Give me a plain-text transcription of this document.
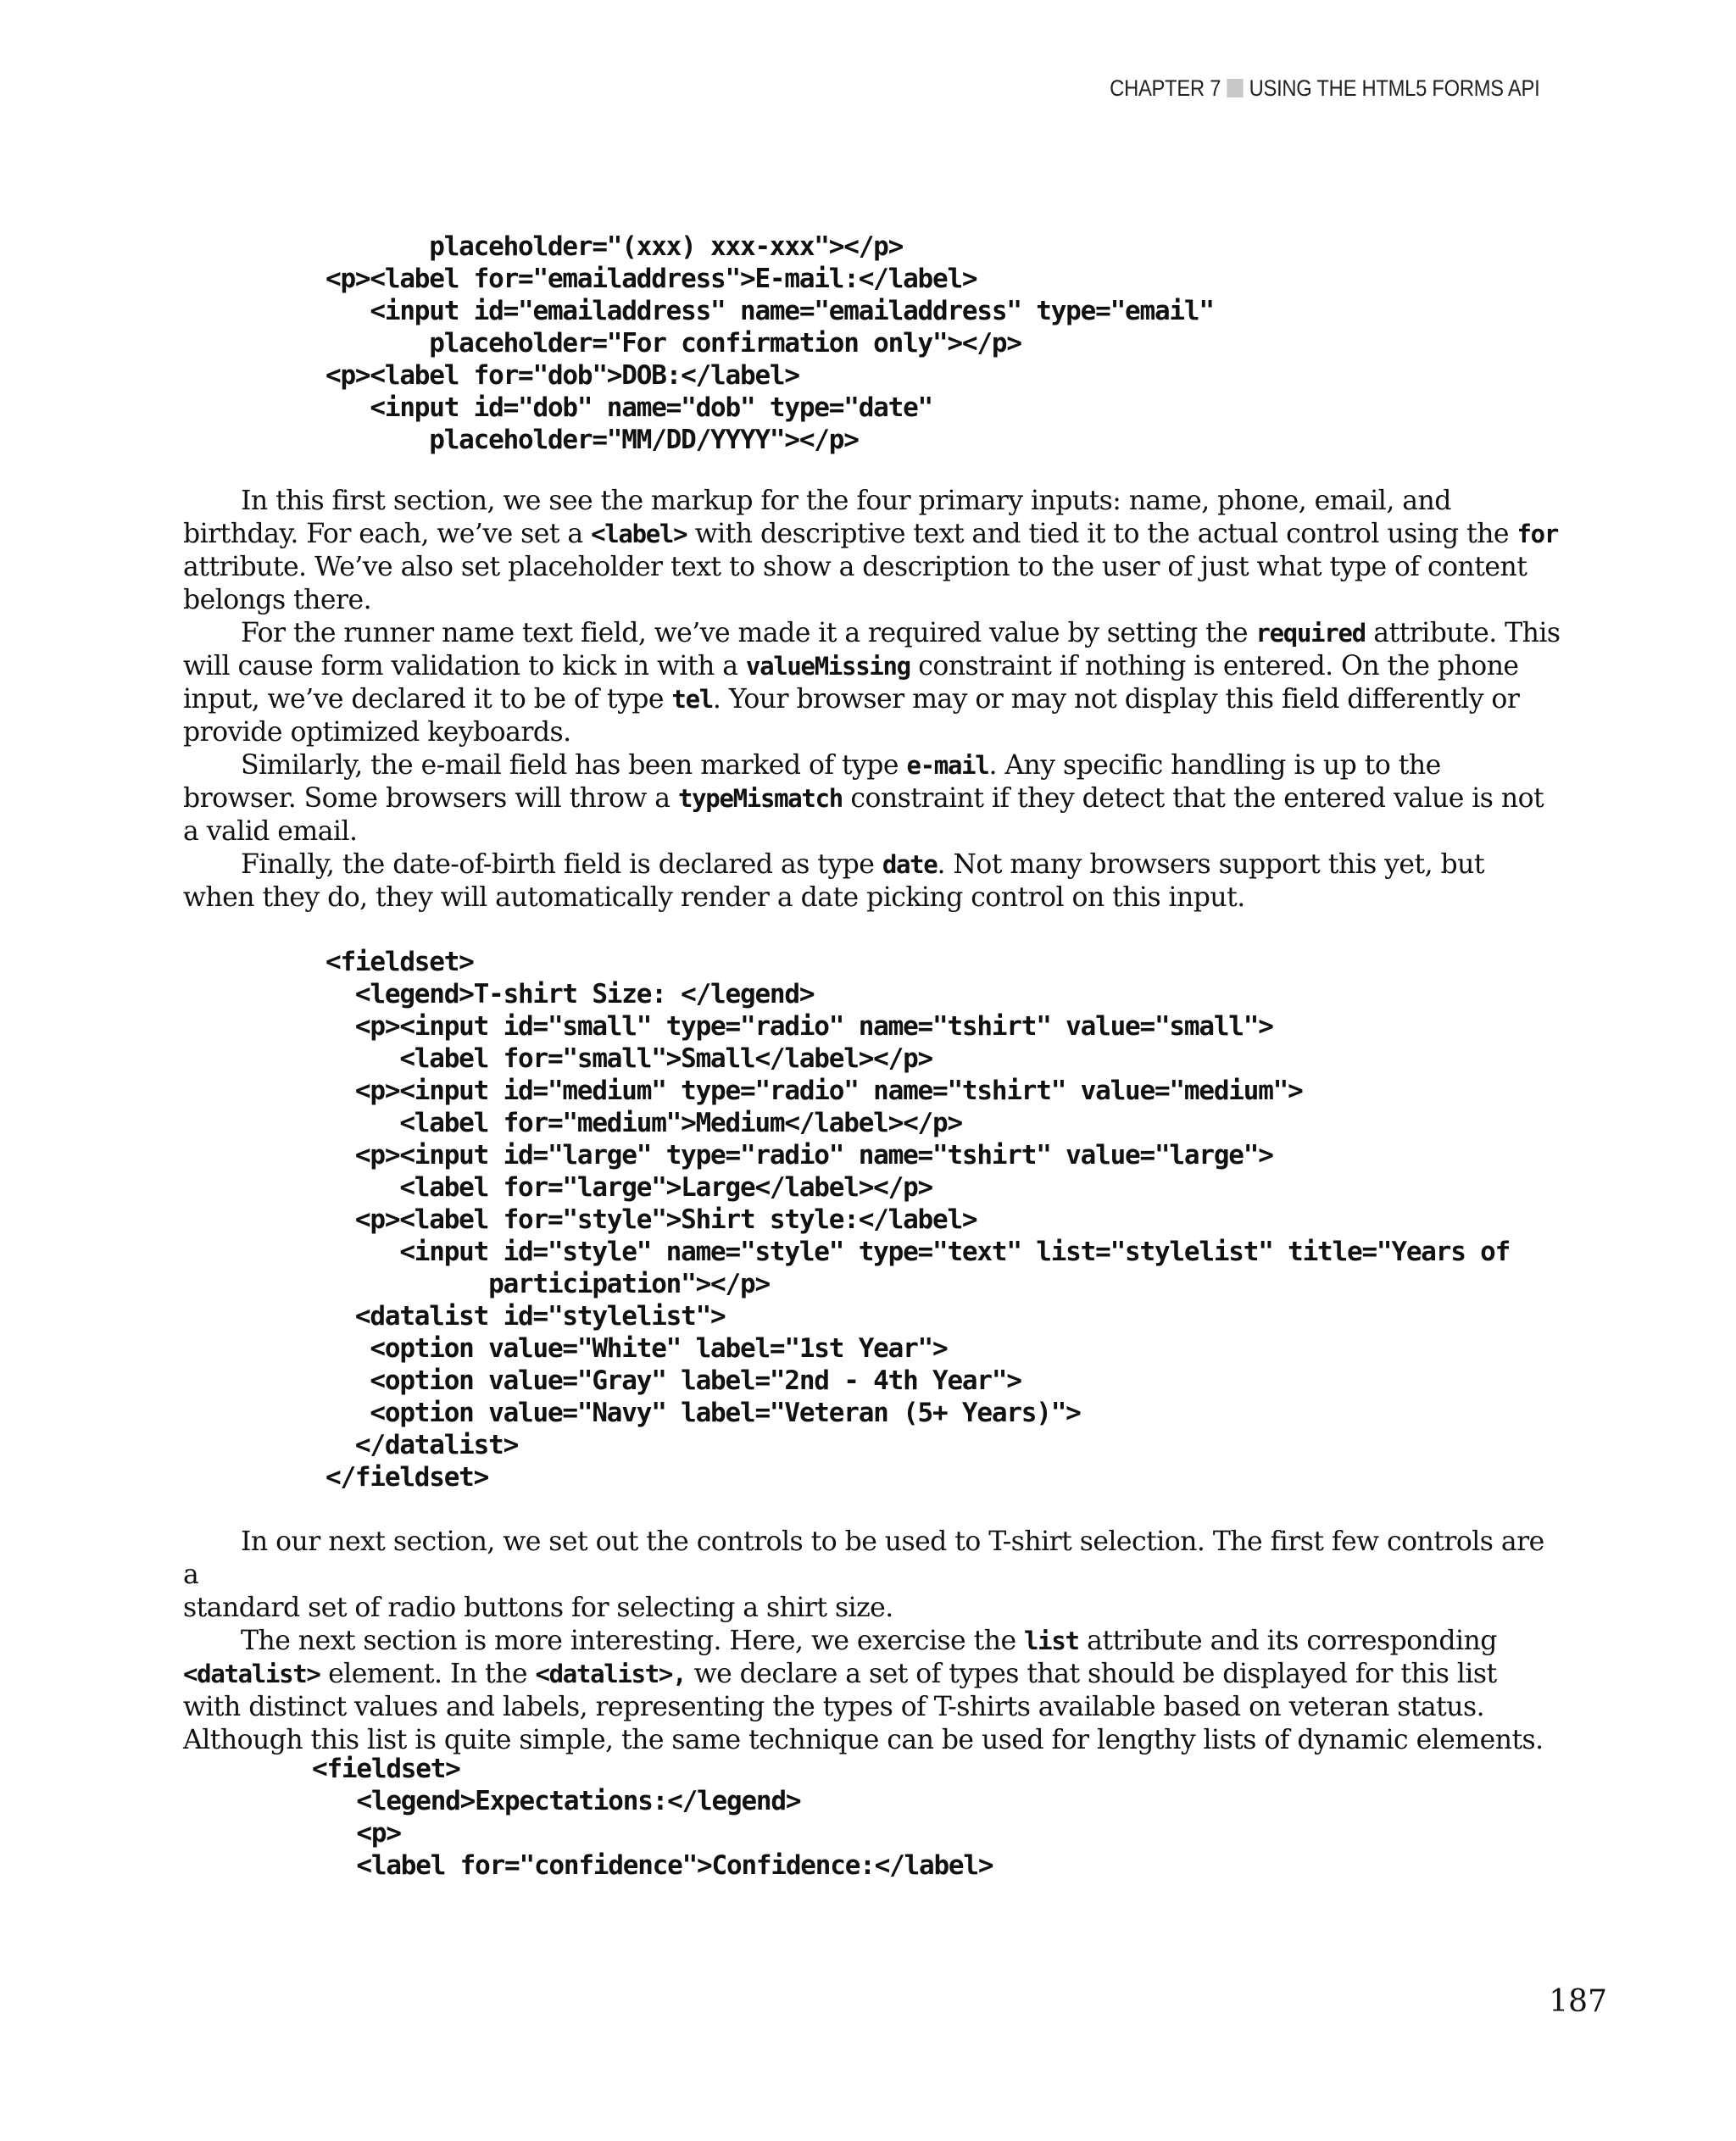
CHAPTER 7 USING THE HTML5 FORMS API
placeholder="(xxx) xxx-xxx"></p>
<p><label for="emailaddress">E-mail:</label>
<input id="emailaddress" name="emailaddress" type="email"
placeholder="For confirmation only"></p>
<p><label for="dob">DOB:</label>
<input id="dob" name="dob" type="date"
placeholder="MM/DD/YYYY"></p>

In this first section, we see the markup for the four primary inputs: name, phone, email, and
birthday. For each, we’ve set a <label> with descriptive text and tied it to the actual control using the for
attribute. We’ve also set placeholder text to show a description to the user of just what type of content
belongs there.

For the runner name text field, we’ve made it a required value by setting the required attribute. This
will cause form validation to kick in with a valueMissing constraint if nothing is entered. On the phone
input, we’ve declared it to be of type tel. Your browser may or may not display this field differently or
provide optimized keyboards.

Similarly, the e-mail field has been marked of type e-mail. Any specific handling is up to the
browser. Some browsers will throw a typeMismatch constraint if they detect that the entered value is not
a valid email.

Finally, the date-of-birth field is declared as type date. Not many browsers support this yet, but
when they do, they will automatically render a date picking control on this input.

<fieldset>
<legend>T-shirt Size: </legend>
<p><input id="small" type="radio" name="tshirt" value="small">
<label for="small">Small</label></p>
<p><input id="medium" type="radio" name="tshirt" value="medium">
<label for="medium">Medium</label></p>
<p><input id="large" type="radio" name="tshirt" value="large">
<label for="large">Large</label></p>
<p><label for="style">Shirt style:</label>
<input id="style" name="style" type="text" list="stylelist" title="Years of
participation"></p>
<datalist id="stylelist">
<option value="White" label="1st Year">
<option value="Gray" label="2nd - 4th Year">
<option value="Navy" label="Veteran (5+ Years)">
</datalist>
</fieldset>

In our next section, we set out the controls to be used to T-shirt selection. The first few controls are a
standard set of radio buttons for selecting a shirt size.

The next section is more interesting. Here, we exercise the list attribute and its corresponding
<datalist> element. In the <datalist>, we declare a set of types that should be displayed for this list
with distinct values and labels, representing the types of T-shirts available based on veteran status.
Although this list is quite simple, the same technique can be used for lengthy lists of dynamic elements.

<fieldset>
<legend>Expectations:</legend>
<p>
<label for="confidence">Confidence:</label>
187
